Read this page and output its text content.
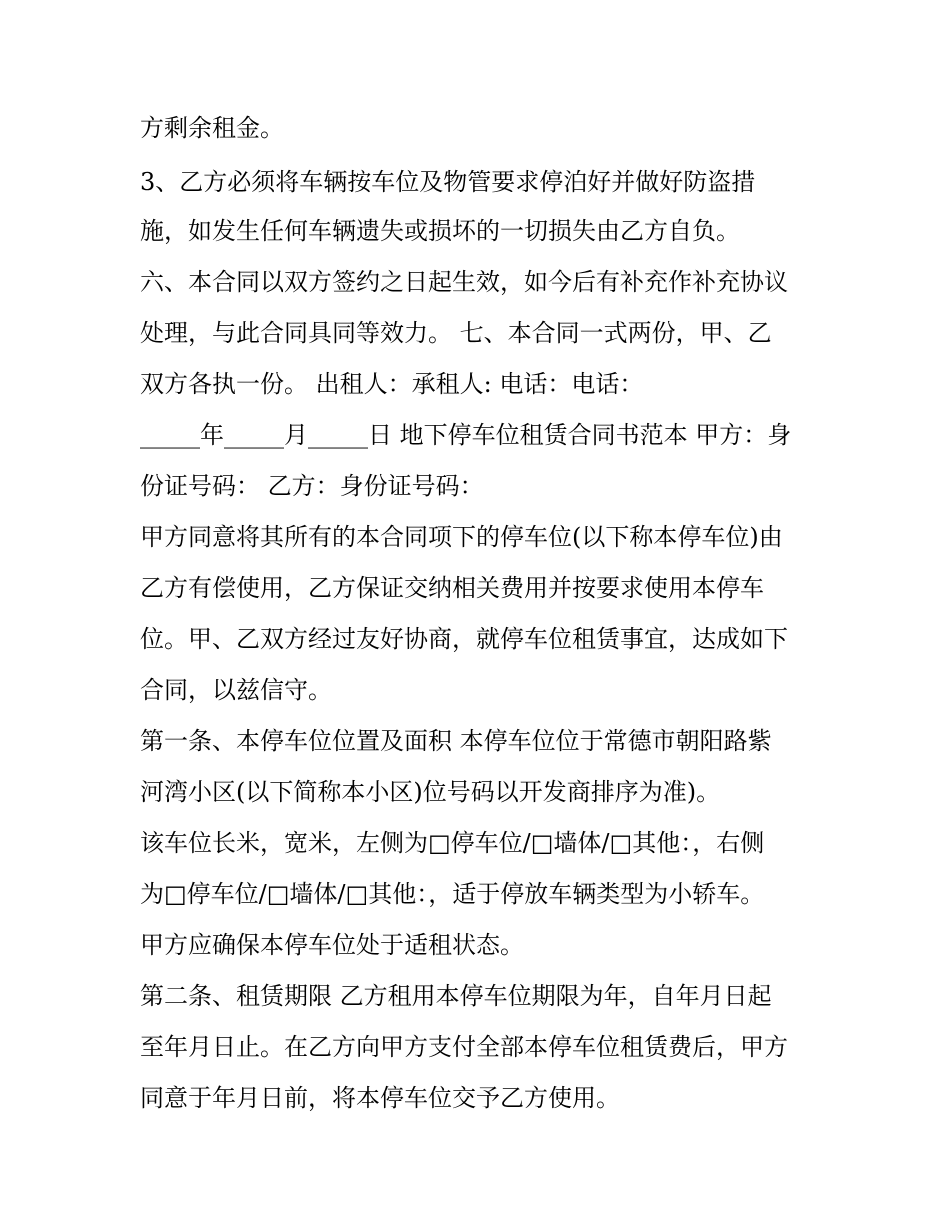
方剩余租金。
3、乙方必须将车辆按车位及物管要求停泊好并做好防盗措
施，如发生任何车辆遗失或损坏的一切损失由乙方自负。
六、本合同以双方签约之日起生效，如今后有补充作补充协议
处理，与此合同具同等效力。 七、本合同一式两份，甲、乙
双方各执一份。 出租人：承租人: 电话：电话：
_____年_____月_____日 地下停车位租赁合同书范本 甲方：身
份证号码： 乙方：身份证号码：
甲方同意将其所有的本合同项下的停车位(以下称本停车位)由
乙方有偿使用，乙方保证交纳相关费用并按要求使用本停车
位。甲、乙双方经过友好协商，就停车位租赁事宜，达成如下
合同，以兹信守。
第一条、本停车位位置及面积 本停车位位于常德市朝阳路紫
河湾小区(以下简称本小区)位号码以开发商排序为准)。
该车位长米，宽米，左侧为□停车位/□墙体/□其他：，右侧
为□停车位/□墙体/□其他：，适于停放车辆类型为小轿车。
甲方应确保本停车位处于适租状态。
第二条、租赁期限 乙方租用本停车位期限为年，自年月日起
至年月日止。在乙方向甲方支付全部本停车位租赁费后，甲方
同意于年月日前，将本停车位交予乙方使用。
